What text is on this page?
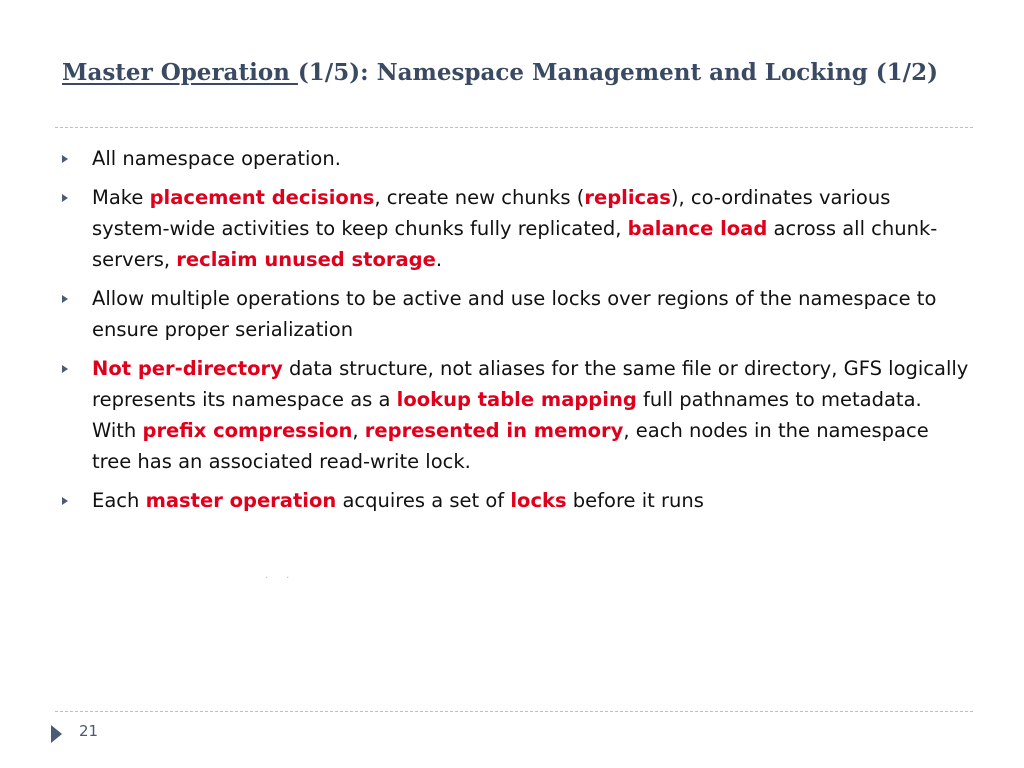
Master Operation (1/5): Namespace Management and Locking (1/2)
All namespace operation.
Make placement decisions, create new chunks (replicas), co-ordinates various system-wide activities to keep chunks fully replicated, balance load across all chunk-servers, reclaim unused storage.
Allow multiple operations to be active and use locks over regions of the namespace to ensure proper serialization
Not per-directory data structure, not aliases for the same file or directory, GFS logically represents its namespace as a lookup table mapping full pathnames to metadata. With prefix compression, represented in memory, each nodes in the namespace tree has an associated read-write lock.
Each master operation acquires a set of locks before it runs
..
21
